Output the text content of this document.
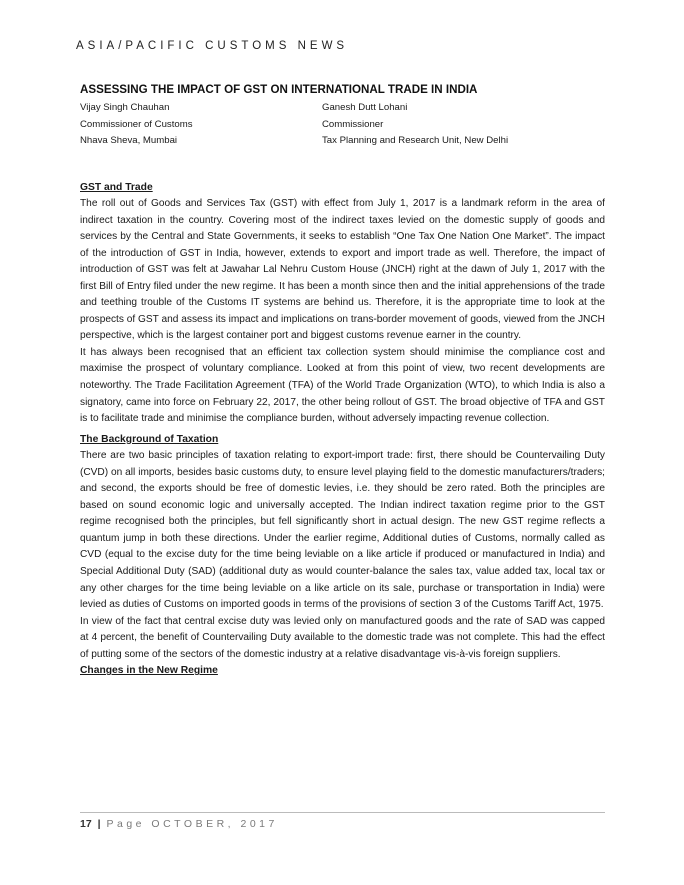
ASIA/PACIFIC CUSTOMS NEWS
ASSESSING THE IMPACT OF GST ON INTERNATIONAL TRADE IN INDIA
Vijay Singh Chauhan
Commissioner of Customs
Nhava Sheva, Mumbai
Ganesh Dutt Lohani
Commissioner
Tax Planning and Research Unit, New Delhi
GST and Trade

The roll out of Goods and Services Tax (GST) with effect from July 1, 2017 is a landmark reform in the area of indirect taxation in the country. Covering most of the indirect taxes levied on the domestic supply of goods and services by the Central and State Governments, it seeks to establish “One Tax One Nation One Market”. The impact of the introduction of GST in India, however, extends to export and import trade as well. Therefore, the impact of introduction of GST was felt at Jawahar Lal Nehru Custom House (JNCH) right at the dawn of July 1, 2017 with the first Bill of Entry filed under the new regime. It has been a month since then and the initial apprehensions of the trade and teething trouble of the Customs IT systems are behind us. Therefore, it is the appropriate time to look at the prospects of GST and assess its impact and implications on trans-border movement of goods, viewed from the JNCH perspective, which is the largest container port and biggest customs revenue earner in the country.

It has always been recognised that an efficient tax collection system should minimise the compliance cost and maximise the prospect of voluntary compliance. Looked at from this point of view, two recent developments are noteworthy. The Trade Facilitation Agreement (TFA) of the World Trade Organization (WTO), to which India is also a signatory, came into force on February 22, 2017, the other being rollout of GST. The broad objective of TFA and GST is to facilitate trade and minimise the compliance burden, without adversely impacting revenue collection.

The Background of Taxation

There are two basic principles of taxation relating to export-import trade: first, there should be Countervailing Duty (CVD) on all imports, besides basic customs duty, to ensure level playing field to the domestic manufacturers/traders; and second, the exports should be free of domestic levies, i.e. they should be zero rated. Both the principles are based on sound economic logic and universally accepted. The Indian indirect taxation regime prior to the GST regime recognised both the principles, but fell significantly short in actual design. The new GST regime reflects a quantum jump in both these directions. Under the earlier regime, Additional duties of Customs, normally called as CVD (equal to the excise duty for the time being leviable on a like article if produced or manufactured in India) and Special Additional Duty (SAD) (additional duty as would counter-balance the sales tax, value added tax, local tax or any other charges for the time being leviable on a like article on its sale, purchase or transportation in India) were levied as duties of Customs on imported goods in terms of the provisions of section 3 of the Customs Tariff Act, 1975.

In view of the fact that central excise duty was levied only on manufactured goods and the rate of SAD was capped at 4 percent, the benefit of Countervailing Duty available to the domestic trade was not complete. This had the effect of putting some of the sectors of the domestic industry at a relative disadvantage vis-à-vis foreign suppliers.

Changes in the New Regime
17 | Page OCTOBER, 2017
